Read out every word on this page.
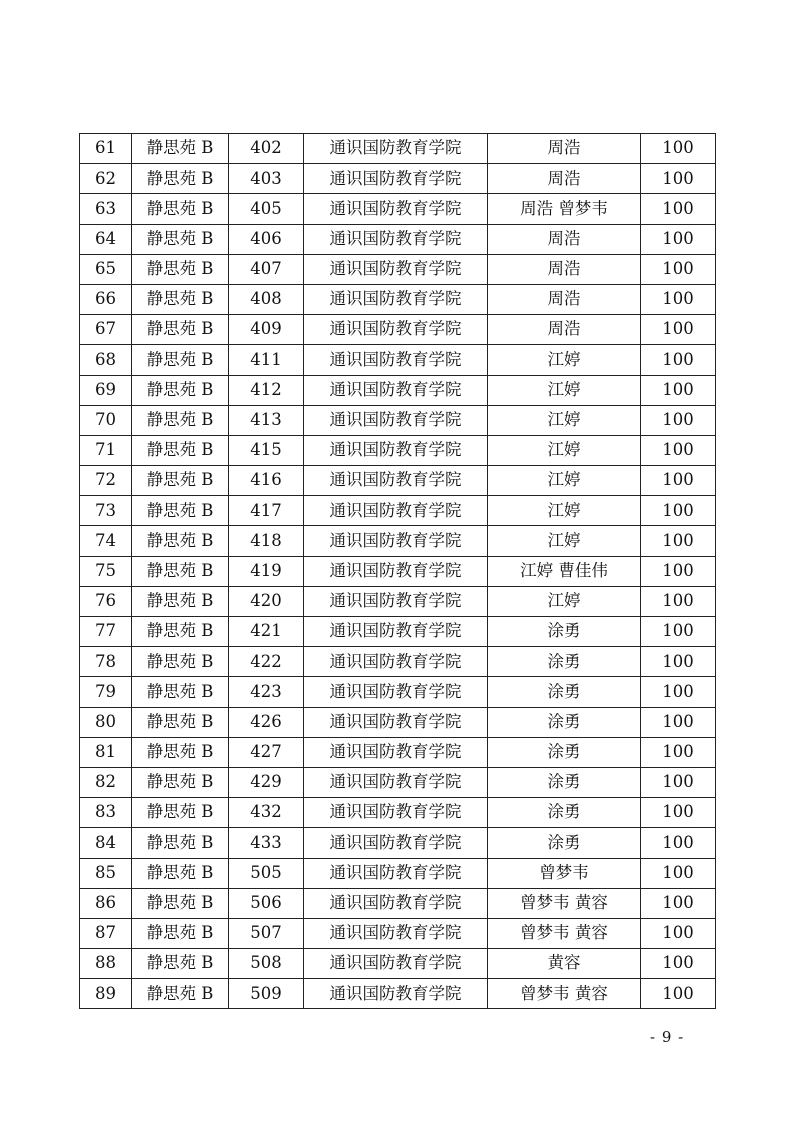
61	静思苑 B	402	通识国防教育学院	周浩	100
62	静思苑 B	403	通识国防教育学院	周浩	100
63	静思苑 B	405	通识国防教育学院	周浩 曾梦韦	100
64	静思苑 B	406	通识国防教育学院	周浩	100
65	静思苑 B	407	通识国防教育学院	周浩	100
66	静思苑 B	408	通识国防教育学院	周浩	100
67	静思苑 B	409	通识国防教育学院	周浩	100
68	静思苑 B	411	通识国防教育学院	江婷	100
69	静思苑 B	412	通识国防教育学院	江婷	100
70	静思苑 B	413	通识国防教育学院	江婷	100
71	静思苑 B	415	通识国防教育学院	江婷	100
72	静思苑 B	416	通识国防教育学院	江婷	100
73	静思苑 B	417	通识国防教育学院	江婷	100
74	静思苑 B	418	通识国防教育学院	江婷	100
75	静思苑 B	419	通识国防教育学院	江婷 曹佳伟	100
76	静思苑 B	420	通识国防教育学院	江婷	100
77	静思苑 B	421	通识国防教育学院	涂勇	100
78	静思苑 B	422	通识国防教育学院	涂勇	100
79	静思苑 B	423	通识国防教育学院	涂勇	100
80	静思苑 B	426	通识国防教育学院	涂勇	100
81	静思苑 B	427	通识国防教育学院	涂勇	100
82	静思苑 B	429	通识国防教育学院	涂勇	100
83	静思苑 B	432	通识国防教育学院	涂勇	100
84	静思苑 B	433	通识国防教育学院	涂勇	100
85	静思苑 B	505	通识国防教育学院	曾梦韦	100
86	静思苑 B	506	通识国防教育学院	曾梦韦 黄容	100
87	静思苑 B	507	通识国防教育学院	曾梦韦 黄容	100
88	静思苑 B	508	通识国防教育学院	黄容	100
89	静思苑 B	509	通识国防教育学院	曾梦韦 黄容	100
- 9 -
